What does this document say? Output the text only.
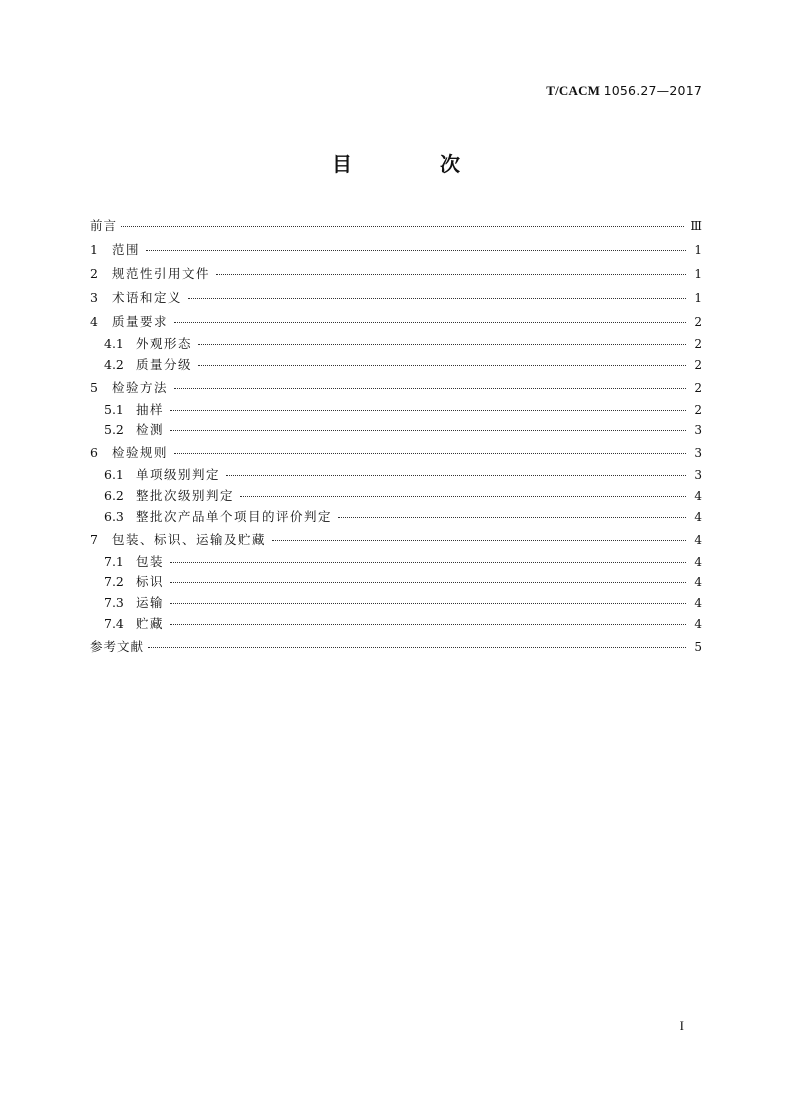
T/CACM 1056.27—2017
目　次
前言	Ⅲ
1	范围	1
2	规范性引用文件	1
3	术语和定义	1
4	质量要求	2
4.1 外观形态	2
4.2 质量分级	2
5	检验方法	2
5.1 抽样	2
5.2 检测	3
6	检验规则	3
6.1 单项级别判定	3
6.2 整批次级别判定	4
6.3 整批次产品单个项目的评价判定	4
7	包装、标识、运输及贮藏	4
7.1 包装	4
7.2 标识	4
7.3 运输	4
7.4 贮藏	4
参考文献	5
I
